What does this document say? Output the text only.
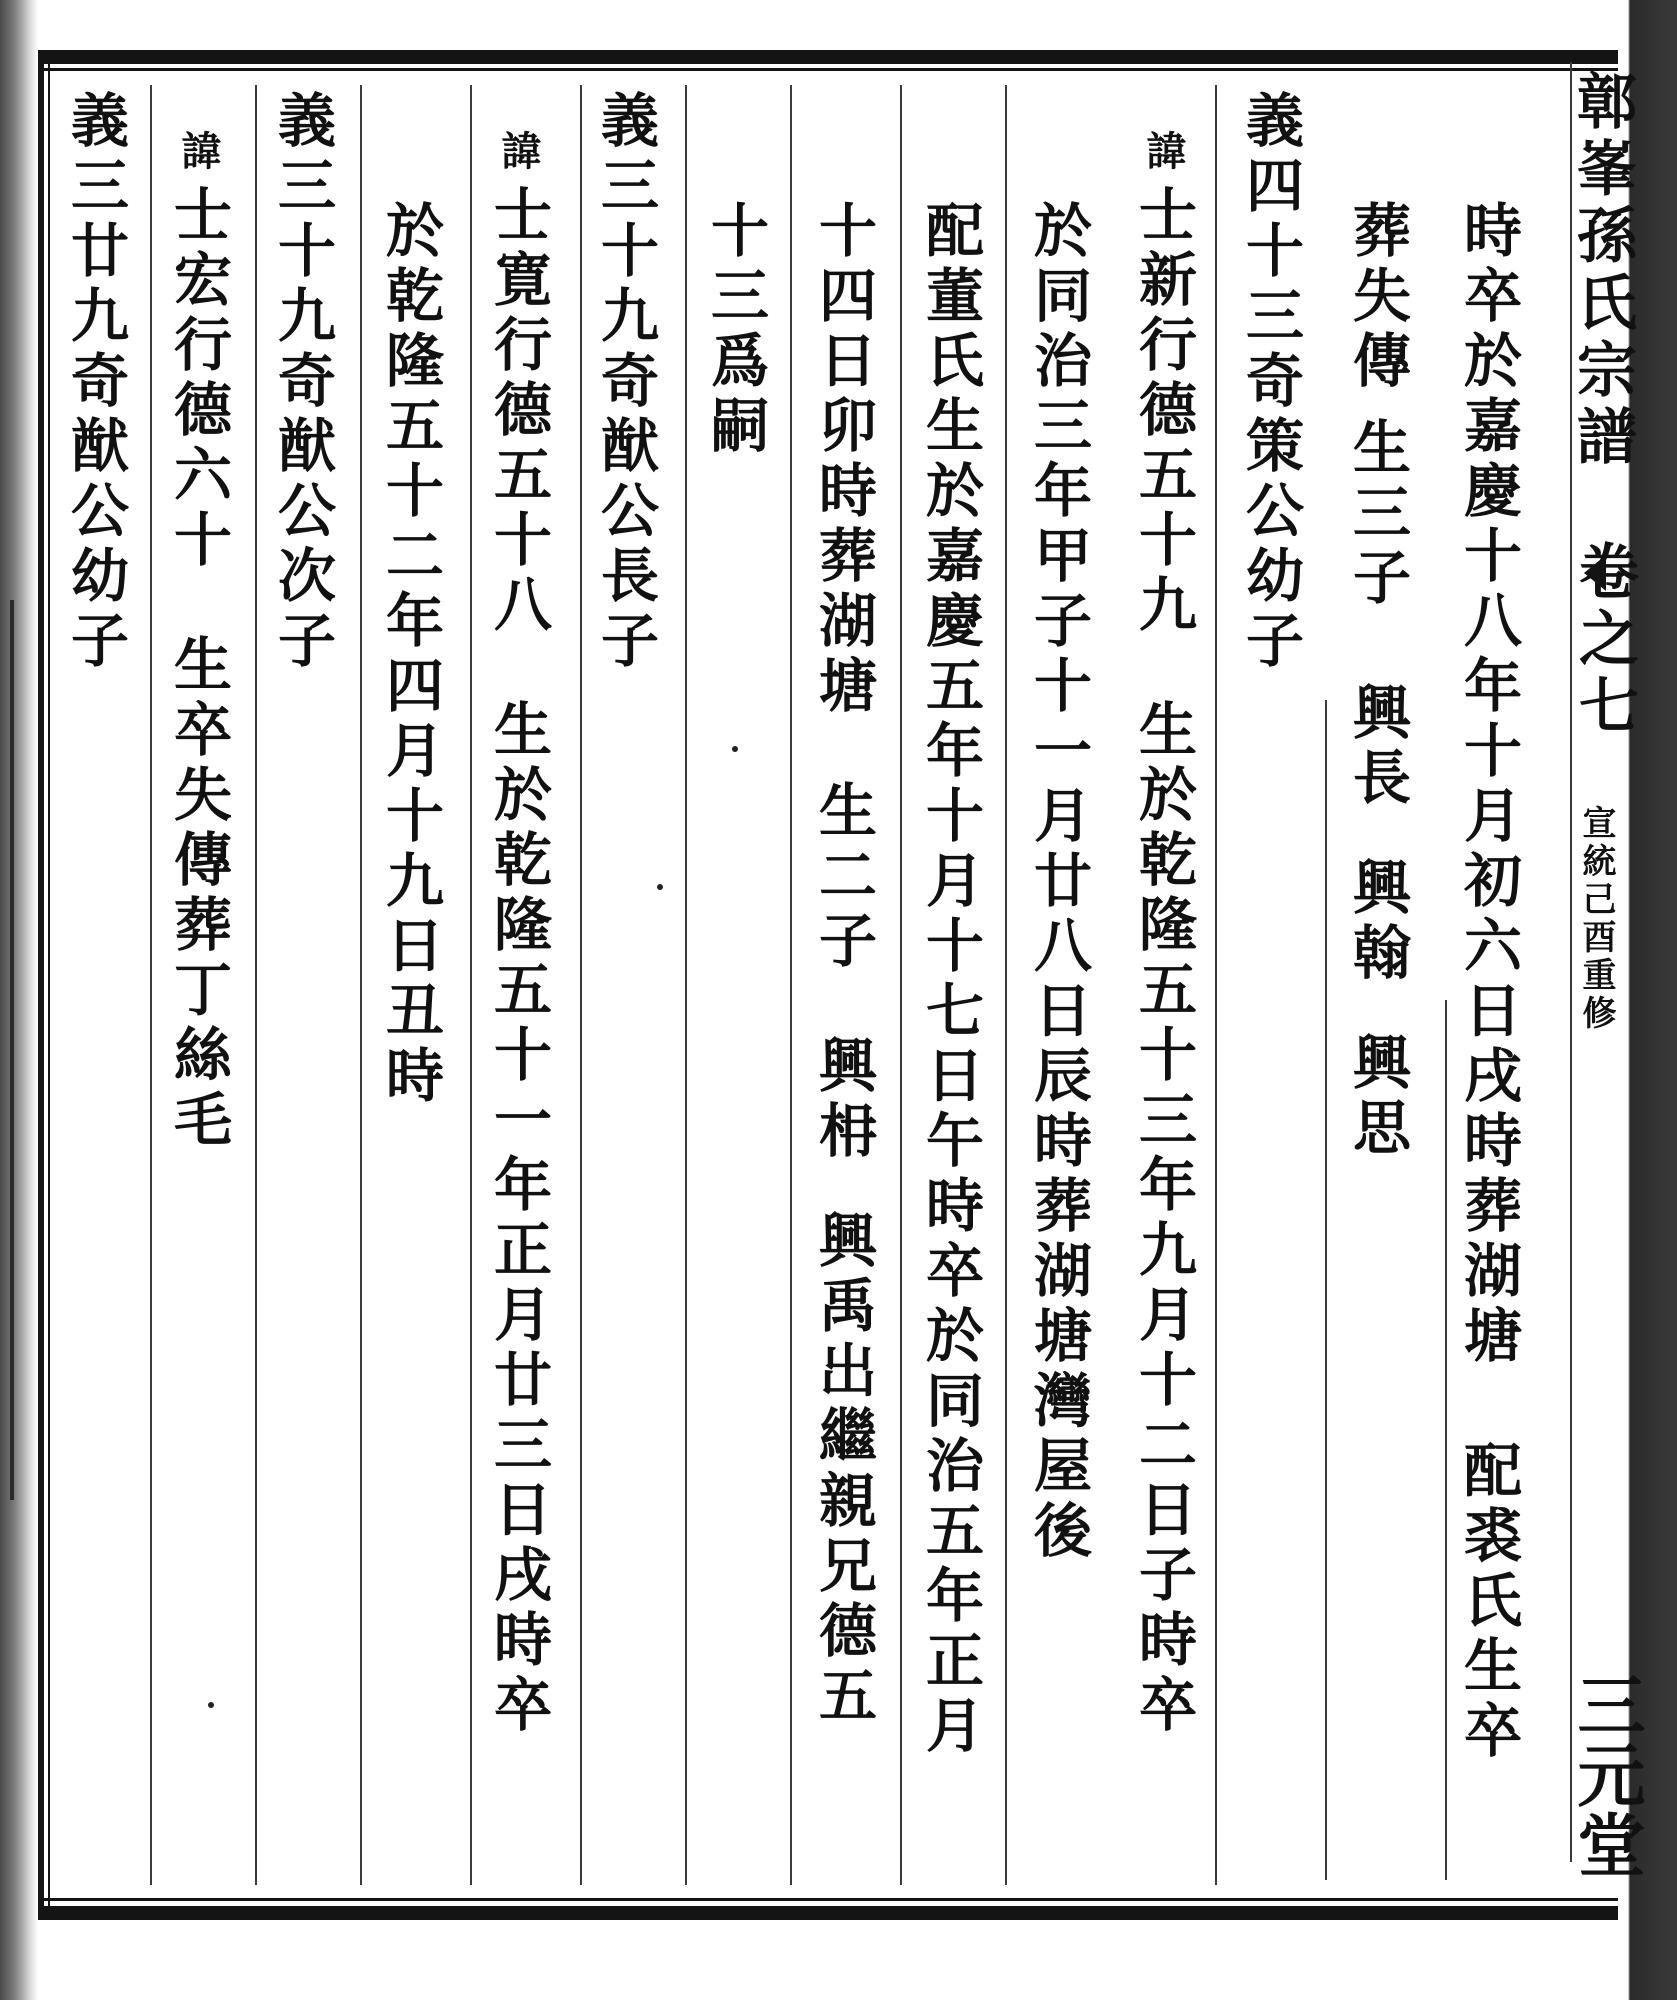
鄣峯孫氏宗譜
卷之七
宣統己酉重修
三元堂
時卒於嘉慶十八年十月初六日戌時葬湖塘
配裘氏生卒
葬失傳
生三子
興長
興翰
興思
義四十三奇策公幼子
諱
士新行德五十九
生於乾隆五十三年九月十二日子時卒
於同治三年甲子十一月廿八日辰時葬湖塘灣屋後
配董氏生於嘉慶五年十月十七日午時卒於同治五年正月
十四日卯時葬湖塘
生二子
興枏
興禹出繼親兄德五
十三爲嗣
義三十九奇猷公長子
諱
士寛行德五十八
生於乾隆五十一年正月廿三日戌時卒
於乾隆五十二年四月十九日丑時
義三十九奇猷公次子
諱
士宏行德六十
生卒失傳葬丁絲毛
義三廿九奇猷公幼子
